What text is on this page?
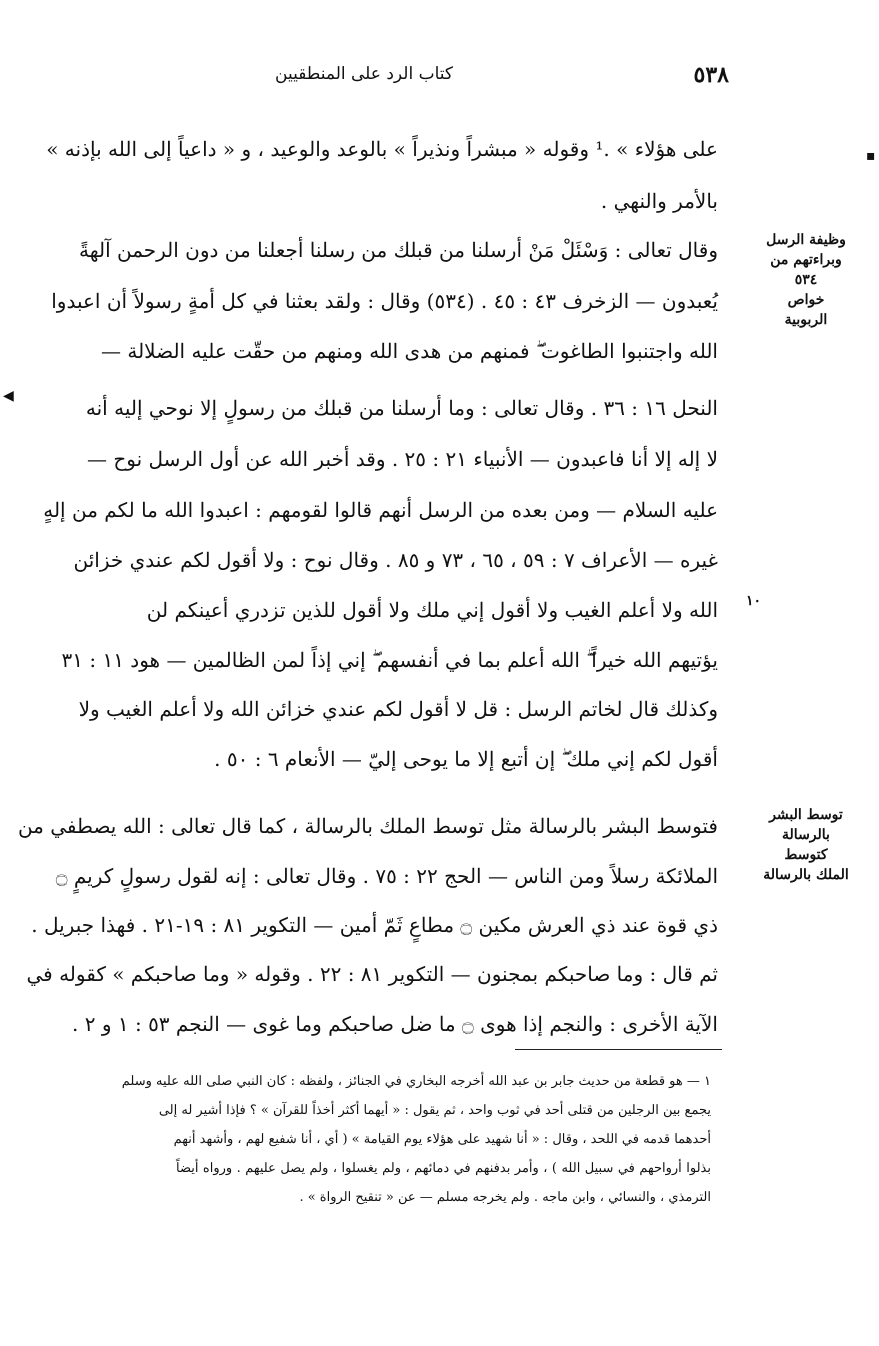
٥٣٨
كتاب الرد على المنطقيين
على هؤلاء » .¹ وقوله « مبشراً ونذيراً » بالوعد والوعيد ، و « داعياً إلى الله بإذنه »
بالأمر والنهي .
وقال تعالى : وَسْئَلْ مَنْ أرسلنا من قبلك من رسلنا أجعلنا من دون الرحمن آلهةً
يُعبدون — الزخرف ٤٣ : ٤٥ . (٥٣٤) وقال : ولقد بعثنا في كل أمةٍ رسولاً أن اعبدوا
الله واجتنبوا الطاغوت ۖ فمنهم من هدى الله ومنهم من حقّت عليه الضلالة —
النحل ١٦ : ٣٦ . وقال تعالى : وما أرسلنا من قبلك من رسولٍ إلا نوحي إليه أنه
لا إله إلا أنا فاعبدون — الأنبياء ٢١ : ٢٥ . وقد أخبر الله عن أول الرسل نوح —
عليه السلام — ومن بعده من الرسل أنهم قالوا لقومهم : اعبدوا الله ما لكم من إلهٍ
غيره — الأعراف ٧ : ٥٩ ، ٦٥ ، ٧٣ و ٨٥ . وقال نوح : ولا أقول لكم عندي خزائن
الله ولا أعلم الغيب ولا أقول إني ملك ولا أقول للذين تزدري أعينكم لن
يؤتيهم الله خيراً ۖ الله أعلم بما في أنفسهم ۖ إني إذاً لمن الظالمين — هود ١١ : ٣١
وكذلك قال لخاتم الرسل : قل لا أقول لكم عندي خزائن الله ولا أعلم الغيب ولا
أقول لكم إني ملك ۖ إن أتبع إلا ما يوحى إليّ — الأنعام ٦ : ٥٠ .
فتوسط البشر بالرسالة مثل توسط الملك بالرسالة ، كما قال تعالى : الله يصطفي من
الملائكة رسلاً ومن الناس — الحج ٢٢ : ٧٥ . وقال تعالى : إنه لقول رسولٍ كريمٍ ۝
ذي قوة عند ذي العرش مكين ۝ مطاعٍ ثَمّ أمين — التكوير ٨١ : ١٩-٢١ . فهذا جبريل .
ثم قال : وما صاحبكم بمجنون — التكوير ٨١ : ٢٢ . وقوله « وما صاحبكم » كقوله في
الآية الأخرى : والنجم إذا هوى ۝ ما ضل صاحبكم وما غوى — النجم ٥٣ : ١ و ٢ .
وظيفة الرسل
وبراءتهم من
٥٣٤
خواص
الربوبية
١٠
توسط البشر
بالرسالة
كتوسط
الملك بالرسالة
▪
◀
١ — هو قطعة من حديث جابر بن عبد الله أخرجه البخاري في الجنائز ، ولفظه : كان النبي صلى الله عليه وسلم
يجمع بين الرجلين من قتلى أحد في ثوب واحد ، ثم يقول : « أيهما أكثر أخذاً للقرآن » ؟ فإذا أشير له إلى
أحدهما قدمه في اللحد ، وقال : « أنا شهيد على هؤلاء يوم القيامة » ( أي ، أنا شفيع لهم ، وأشهد أنهم
بذلوا أرواحهم في سبيل الله ) ، وأمر بدفنهم في دمائهم ، ولم يغسلوا ، ولم يصل عليهم . ورواه أيضاً
الترمذي ، والنسائي ، وابن ماجه . ولم يخرجه مسلم — عن « تنقيح الرواة » .
